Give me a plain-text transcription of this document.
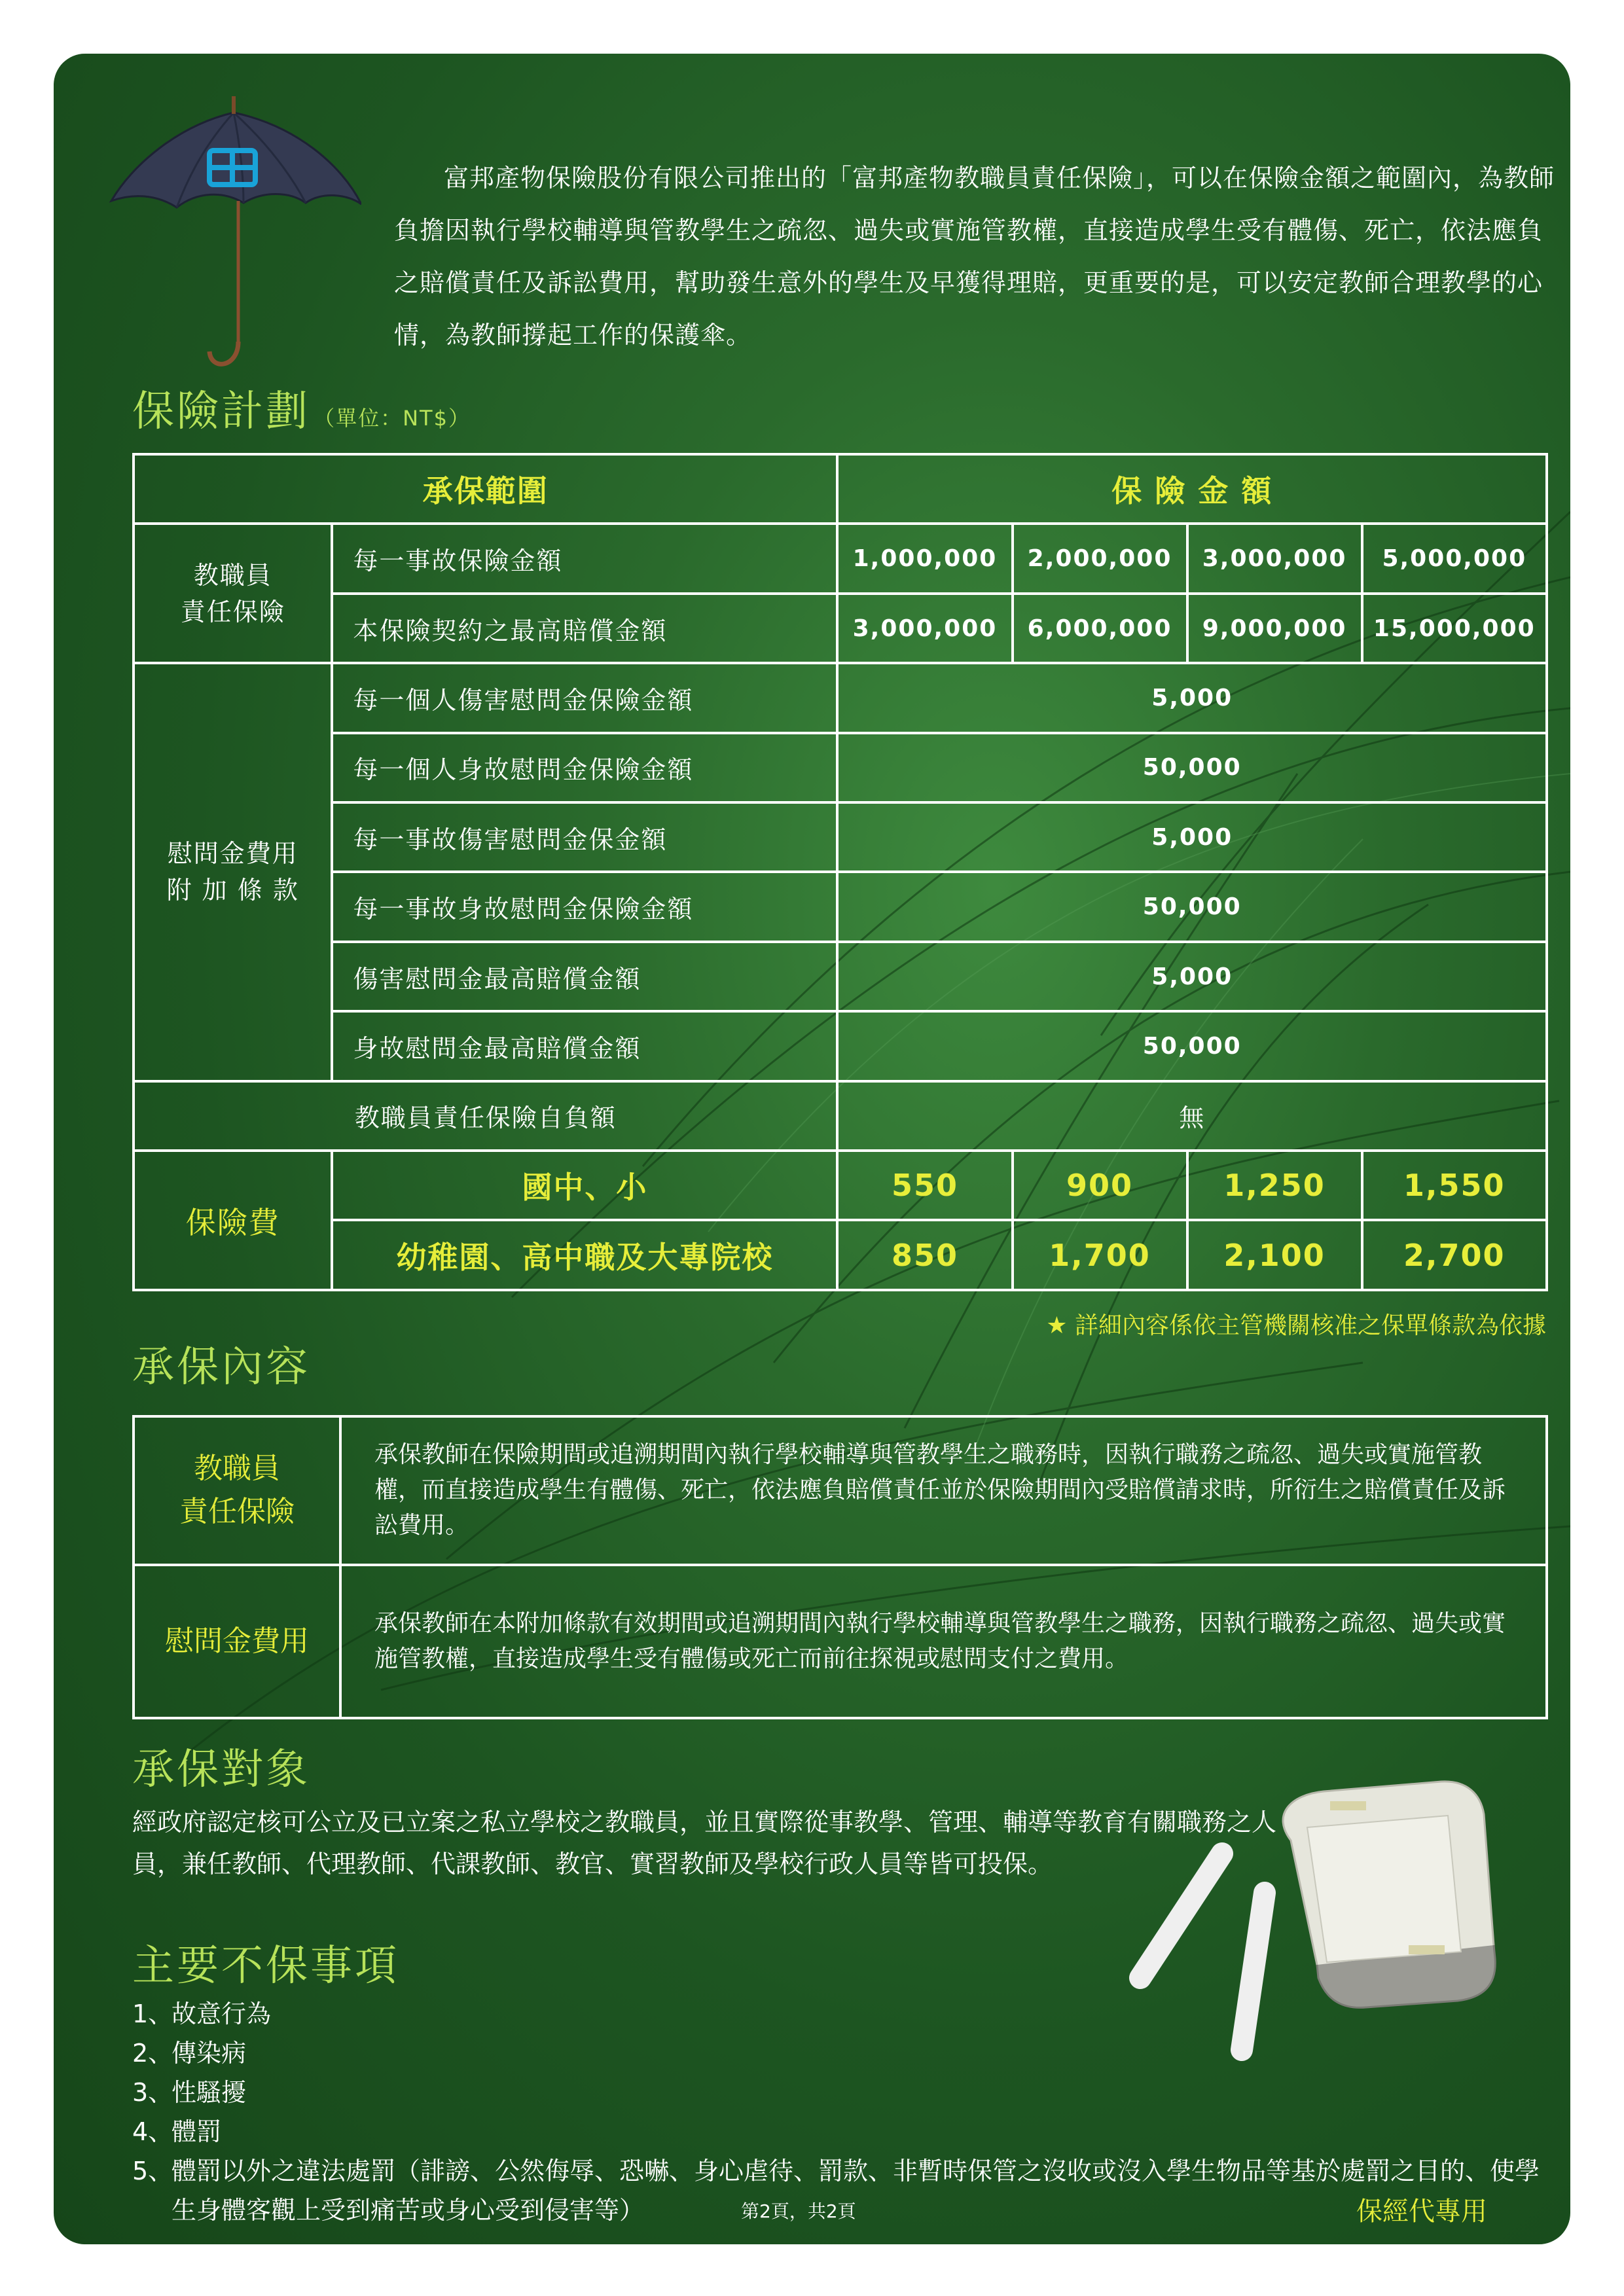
富邦產物保險股份有限公司推出的「富邦產物教職員責任保險」，可以在保險金額之範圍內，為教師負擔因執行學校輔導與管教學生之疏忽、過失或實施管教權，直接造成學生受有體傷、死亡，依法應負之賠償責任及訴訟費用，幫助發生意外的學生及早獲得理賠，更重要的是，可以安定教師合理教學的心情，為教師撐起工作的保護傘。

保險計劃 （單位：NT$）
承保範圍		保 險 金 額			

教職員
責任保險	每一事故保險金額	1,000,000	2,000,000	3,000,000	5,000,000
	本保險契約之最高賠償金額	3,000,000	6,000,000	9,000,000	15,000,000

慰問金費用
附 加 條 款	每一個人傷害慰問金保險金額	5,000			
	每一個人身故慰問金保險金額	50,000			
	每一事故傷害慰問金保金額	5,000			
	每一事故身故慰問金保險金額	50,000			
	傷害慰問金最高賠償金額	5,000			
	身故慰問金最高賠償金額	50,000			
教職員責任保險自負額		無			
保險費	國中、小	550	900	1,250	1,550
	幼稚園、高中職及大專院校	850	1,700	2,100	2,700
★ 詳細內容係依主管機關核准之保單條款為依據
承保內容
教職員
責任保險	承保教師在保險期間或追溯期間內執行學校輔導與管教學生之職務時，因執行職務之疏忽、過失或實施管教權，而直接造成學生有體傷、死亡，依法應負賠償責任並於保險期間內受賠償請求時，所衍生之賠償責任及訴訟費用。

慰問金費用	承保教師在本附加條款有效期間或追溯期間內執行學校輔導與管教學生之職務，因執行職務之疏忽、過失或實施管教權，直接造成學生受有體傷或死亡而前往探視或慰問支付之費用。
承保對象
經政府認定核可公立及已立案之私立學校之教職員，並且實際從事教學、管理、輔導等教育有關職務之人員，兼任教師、代理教師、代課教師、教官、實習教師及學校行政人員等皆可投保。
主要不保事項
1、
故意行為
2、
傳染病
3、
性騷擾
4、
體罰
5、
體罰以外之違法處罰（誹謗、公然侮辱、恐嚇、身心虐待、罰款、非暫時保管之沒收或沒入學生物品等基於處罰之目的、使學生身體客觀上受到痛苦或身心受到侵害等）	第2頁，共2頁	保經代專用
